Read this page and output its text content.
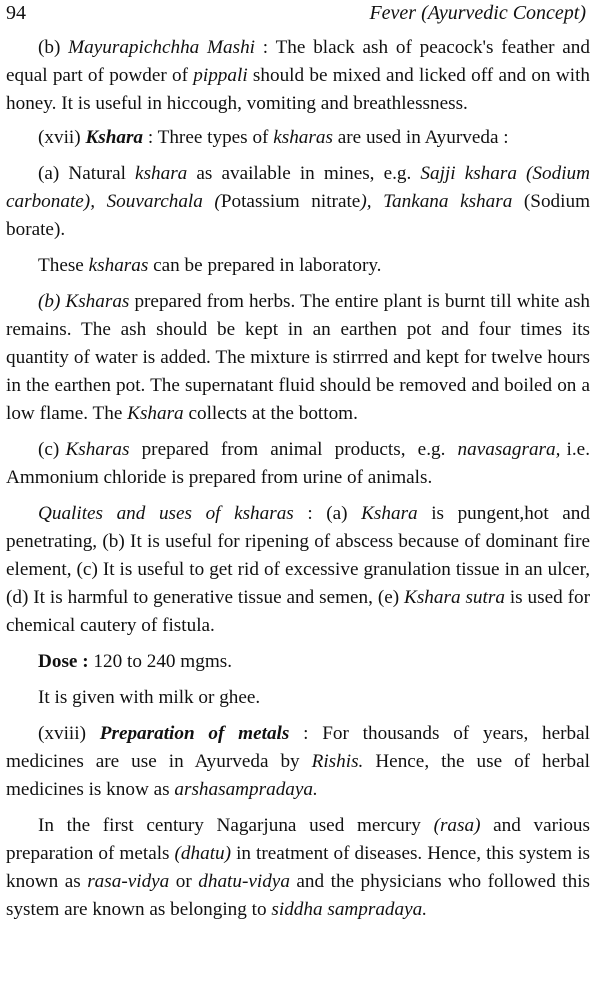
94	Fever (Ayurvedic Concept)

(b) Mayurapichchha Mashi : The black ash of peacock's feather and equal part of powder of pippali should be mixed and licked off and on with honey. It is useful in hiccough, vomiting and breathlessness.

(xvii) Kshara : Three types of ksharas are used in Ayurveda :

(a) Natural kshara as available in mines, e.g. Sajji kshara (Sodium carbonate), Souvarchala (Potassium nitrate), Tankana kshara (Sodium borate).

These ksharas can be prepared in laboratory.

(b) Ksharas prepared from herbs. The entire plant is burnt till white ash remains. The ash should be kept in an earthen pot and four times its quantity of water is added. The mixture is stirrred and kept for twelve hours in the earthen pot. The supernatant fluid should be removed and boiled on a low flame. The Kshara collects at the bottom.

(c) Ksharas prepared from animal products, e.g. navasagrara, i.e. Ammonium chloride is prepared from urine of animals.

Qualites and uses of ksharas : (a) Kshara is pungent,hot and penetrating, (b) It is useful for ripening of abscess because of dominant fire element, (c) It is useful to get rid of excessive granulation tissue in an ulcer, (d) It is harmful to generative tissue and semen, (e) Kshara sutra is used for chemical cautery of fistula.

Dose : 120 to 240 mgms.

It is given with milk or ghee.

(xviii) Preparation of metals : For thousands of years, herbal medicines are use in Ayurveda by Rishis. Hence, the use of herbal medicines is know as arshasampradaya.

In the first century Nagarjuna used mercury (rasa) and various preparation of metals (dhatu) in treatment of diseases. Hence, this system is known as rasa-vidya or dhatu-vidya and the physicians who followed this system are known as belonging to siddha sampradaya.
